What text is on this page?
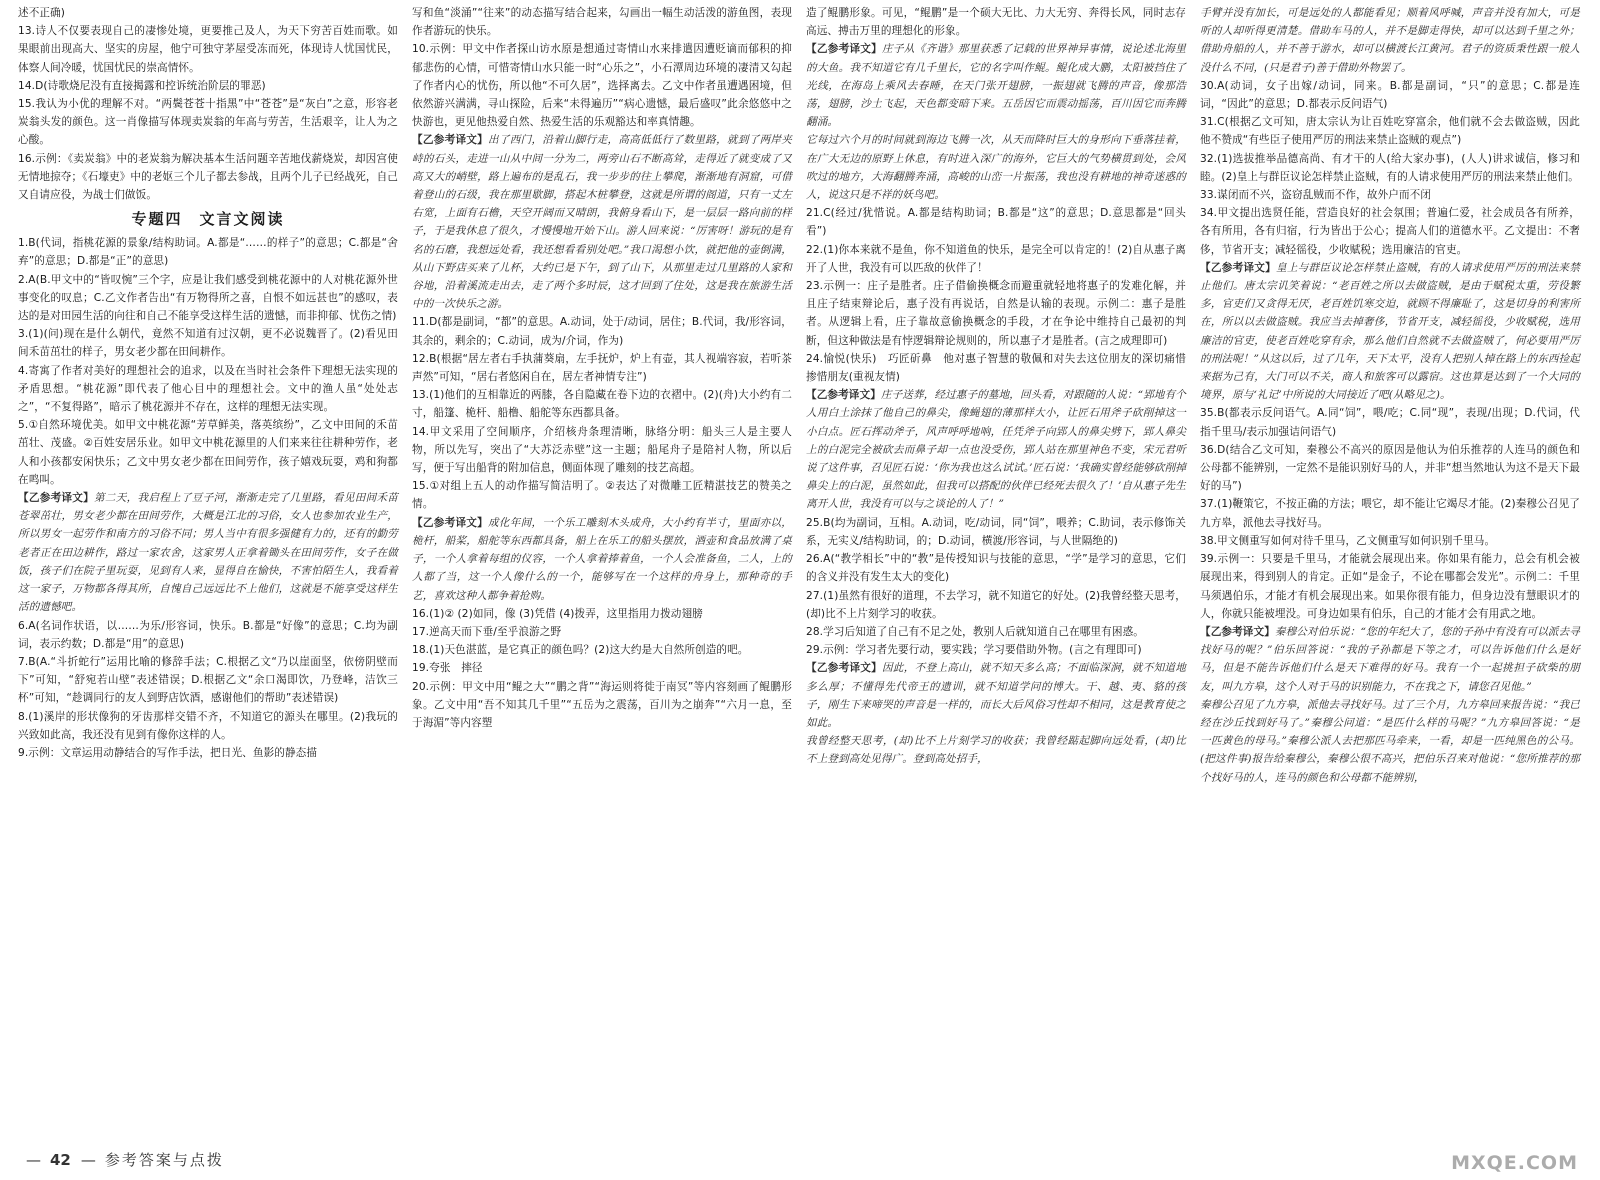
述不正确)

13.诗人不仅要表现自己的凄惨处境，更要推己及人，为天下穷苦百姓而歌。如果眼前出现高大、坚实的房屋，他宁可独守茅屋受冻而死，体现诗人忧国忧民，体察人间冷暖，忧国忧民的崇高情怀。

14.D(诗歌烧尼没有直接揭露和控诉统治阶层的罪恶)

15.我认为小优的理解不对。“两鬓苍苍十指黑”中“苍苍”是“灰白”之意，形容老炭翁头发的颜色。这一肖像描写体现卖炭翁的年高与劳苦，生活艰辛，让人为之心酸。

16.示例：《卖炭翁》中的老炭翁为解决基本生活问题辛苦地伐薪烧炭，却因宫使无情地掠夺；《石壕吏》中的老妪三个儿子都去参战，且两个儿子已经战死，自己又自请应役，为战士们做饭。

专题四　文言文阅读

1.B(代词，指桃花源的景象/结构助词。A.都是“……的样子”的意思；C.都是“舍弃”的意思；D.都是“正”的意思)

2.A(B.甲文中的“皆叹惋”三个字，应是让我们感受到桃花源中的人对桃花源外世事变化的叹息；C.乙文作者告出“有万物得所之喜，自恨不如远甚也”的感叹，表达的是对田园生活的向往和自己不能享受这样生活的遗憾，而非抑郁、忧伤之情)

3.(1)(问)现在是什么朝代，竟然不知道有过汉朝，更不必说魏晋了。(2)看见田间禾苗茁壮的样子，男女老少都在田间耕作。

4.寄寓了作者对美好的理想社会的追求，以及在当时社会条件下理想无法实现的矛盾思想。“桃花源”即代表了他心目中的理想社会。文中的渔人虽“处处志之”，“不复得路”，暗示了桃花源并不存在，这样的理想无法实现。

5.①自然环境优美。如甲文中桃花源“芳草鲜美，落英缤纷”，乙文中田间的禾苗茁壮、茂盛。②百姓安居乐业。如甲文中桃花源里的人们来来往往耕种劳作，老人和小孩都安闲快乐；乙文中男女老少都在田间劳作，孩子嬉戏玩耍，鸡和狗都在鸣叫。

【乙参考译文】第二天，我启程上了豆子河，渐渐走完了几里路，看见田间禾苗苍翠茁壮，男女老少都在田间劳作，大概是江北的习俗，女人也参加农业生产，所以男女一起劳作和南方的习俗不同；男人当中有很多强健有力的，还有的勤劳老者正在田边耕作，路过一家农舍，这家男人正拿着锄头在田间劳作，女子在做饭，孩子们在院子里玩耍，见到有人来，显得自在愉快，不害怕陌生人，我看着这一家子，万物都各得其所，自愧自己远远比不上他们，这就是不能享受这样生活的遗憾吧。

6.A(名词作状语，以……为乐/形容词，快乐。B.都是“好像”的意思；C.均为副词，表示约数；D.都是“用”的意思)

7.B(A.“斗折蛇行”运用比喻的修辞手法；C.根据乙文“乃以崖面坚，依傍阴壁而下”可知，“舒宛若山壁”表述错误；D.根据乙文“余口渴即饮，乃登峰，洁饮三杯”可知，“趁调同行的友人到野店饮酒，感谢他们的帮助”表述错误)

8.(1)溪岸的形状像狗的牙齿那样交错不齐，不知道它的源头在哪里。(2)我玩的兴致如此高，我还没有见到有像你这样的人。

9.示例：文章运用动静结合的写作手法，把日光、鱼影的静态描

写和鱼“淡涌”“往来”的动态描写结合起来，勾画出一幅生动活泼的游鱼图，表现作者游玩的快乐。

10.示例：甲文中作者探山访水原是想通过寄情山水来排遣因遭贬谪而郁积的抑郁悲伤的心情，可惜寄情山水只能一时“心乐之”，小石潭周边环境的凄清又勾起了作者内心的忧伤，所以他“不可久居”，选择离去。乙文中作者虽遭遇困境，但依然游兴满满，寻山探险，后来“未得遍历”“病心遗憾，最后盛叹”此余悠悠中之快游也，更见他热爱自然、热爱生活的乐观豁达和率真情趣。

【乙参考译文】出了西门，沿着山脚行走，高高低低行了数里路，就到了两岸夹峙的石头，走进一山从中间一分为二，两旁山石不断高耸，走得近了就变成了又高又大的峭壁，路上遍布的是乱石，我一步步的往上攀爬，渐渐地有洞窟，可借着登山的石级，我在那里歇脚，搭起木桩攀登，这就是所谓的阁道，只有一丈左右宽，上面有石檐，天空开阔而又晴朗，我俯身看山下，是一层层一路向前的样子，于是我休息了很久，才慢慢地开始下山。游人回来说：“厉害呀！游玩的是有名的石磨，我想远处看，我还想看看别处吧。”我口渴想小饮，就把他的壶倒满，从山下野店买来了儿杯，大约已是下午，到了山下，从那里走过几里路的人家和谷地，沿着溪流走出去，走了两个多时辰，这才回到了住处，这是我在旅游生活中的一次快乐之游。

11.D(都是副词，“都”的意思。A.动词，处于/动词，居住；B.代词，我/形容词，其余的，剩余的；C.动词，成为/介词，作为)

12.B(根据“居左者右手执蒲葵扇，左手抚炉，炉上有壶，其人视端容寂，若听茶声然”可知，“居右者悠闲自在，居左者神情专注”)

13.(1)他们的互相靠近的两膝，各自隐藏在卷下边的衣褶中。(2)(舟)大小约有二寸，船篷、桅杆、船橹、船舵等东西都具备。

14.甲文采用了空间顺序，介绍核舟条理清晰，脉络分明：船头三人是主要人物，所以先写，突出了“大苏泛赤壁”这一主题；船尾舟子是陪衬人物，所以后写，便于写出船背的附加信息，侧面体现了雕刻的技艺高超。

15.①对组上五人的动作描写简洁明了。②表达了对微雕工匠精湛技艺的赞美之情。

【乙参考译文】成化年间，一个乐工雕刻木头成舟，大小约有半寸，里面亦以，桅杆，船桨，船舵等东西都具备，船上在乐工的船头摆放，酒壶和食品放满了桌子，一个人拿着每组的仪容，一个人拿着捧着鱼，一个人会准备鱼，二人，上的人都了当，这一个人像什么的一个，能够写在一个这样的舟身上，那种奇的手艺，喜欢这种人都争着抢购。

16.(1)② (2)如同，像 (3)凭借 (4)拨弄，这里指用力拨动翅膀

17.逆高天而下垂/至乎浪游之野

18.(1)天色湛蓝，是它真正的颜色吗？(2)这大约是大自然所创造的吧。

19.夸张　摔径

20.示例：甲文中用“鲲之大”“鹏之背”“海运则将徙于南冥”等内容刻画了鲲鹏形象。乙文中用“吾不知其几千里”“五岳为之震荡，百川为之崩奔”“六月一息，至于海湄”等内容塑

造了鲲鹏形象。可见，“鲲鹏”是一个硕大无比、力大无穷、奔得长风，同时志存高远、搏击万里的理想化的形象。

【乙参考译文】庄子从《齐谐》那里获悉了记载的世界神异事情，说论述北海里的大鱼。我不知道它有几千里长，它的名字叫作鲲。鲲化成大鹏，太阳被挡住了光线，在海岛上乘风去春睡，在天门张开翅膀，一振翅就飞腾的声音，像那浩荡，翅膀，沙土飞起，天色都变暗下来。五岳因它而震动摇荡，百川因它而奔腾翻涌。

它每过六个月的时间就到海边飞腾一次，从天而降时巨大的身形向下垂落挂着，在广大无边的原野上休息，有时进入深广的海外，它巨大的气势横贯到处，会风吹过的地方，大海翻腾奔涌，高峻的山峦一片振荡，我也没有耕地的神奇迷惑的人，说这只是不祥的妖鸟吧。

21.C(经过/犹惜说。A.都是结构助词；B.都是“这”的意思；D.意思都是“回头看”)

22.(1)你本来就不是鱼，你不知道鱼的快乐，是完全可以肯定的！(2)自从惠子离开了人世，我没有可以匹敌的伙伴了！

23.示例一：庄子是胜者。庄子借偷换概念而避重就轻地将惠子的发难化解，并且庄子结束辩论后，惠子没有再说话，自然是认输的表现。示例二：惠子是胜者。从逻辑上看，庄子靠故意偷换概念的手段，才在争论中维持自己最初的判断，但这种做法是有悖逻辑辩论规则的，所以惠子才是胜者。(言之成理即可)

24.愉悦(快乐)　巧匠斫鼻　他对惠子智慧的敬佩和对失去这位朋友的深切痛惜　掺惜朋友(重视友情)

【乙参考译文】庄子送葬，经过惠子的墓地，回头看，对跟随的人说：“郢地有个人用白土涂抹了他自己的鼻尖，像蝇翅的薄那样大小，让匠石用斧子砍削掉这一小白点。匠石挥动斧子，风声呼呼地响，任凭斧子向郢人的鼻尖劈下，郢人鼻尖上的白泥完全被砍去而鼻子却一点也没受伤，郢人站在那里神色不变，宋元君听说了这件事，召见匠石说：‘你为我也这么试试。’匠石说：‘我确实曾经能够砍削掉鼻尖上的白泥，虽然如此，但我可以搭配的伙伴已经死去很久了！’自从惠子先生离开人世，我没有可以与之谈论的人了！”

25.B(均为副词，互相。A.动词，吃/动词，同“饲”，喂养；C.助词，表示修饰关系，无实义/结构助词，的；D.动词，横渡/形容词，与人世隔绝的)

26.A(“教学相长”中的“教”是传授知识与技能的意思，“学”是学习的意思，它们的含义并没有发生太大的变化)

27.(1)虽然有很好的道理，不去学习，就不知道它的好处。(2)我曾经整天思考，(却)比不上片刻学习的收获。

28.学习后知道了自己有不足之处，教别人后就知道自己在哪里有困惑。

29.示例：学习者先要行动，要实践；学习要借助外物。(言之有理即可)

【乙参考译文】因此，不登上高山，就不知天多么高；不面临深涧，就不知道地多么厚；不懂得先代帝王的遗训，就不知道学问的博大。干、越、夷、貉的孩子，刚生下来啼哭的声音是一样的，而长大后风俗习性却不相同，这是教育使之如此。

我曾经整天思考，(却)比不上片刻学习的收获；我曾经踮起脚向远处看，(却)比不上登到高处见得广。登到高处招手，

手臂并没有加长，可是远处的人都能看见；顺着风呼喊，声音并没有加大，可是听的人却听得更清楚。借助车马的人，并不是脚走得快，却可以达到千里之外；借助舟船的人，并不善于游水，却可以横渡长江黄河。君子的资质秉性跟一般人没什么不同，(只是君子)善于借助外物罢了。

30.A(动词，女子出嫁/动词，同来。B.都是副词，“只”的意思；C.都是连词，“因此”的意思；D.都表示反问语气)

31.C(根据乙文可知，唐太宗认为让百姓吃穿富余，他们就不会去做盗贼，因此他不赞成“有些臣子使用严厉的刑法来禁止盗贼的观点”)

32.(1)选拔推举品德高尚、有才干的人(给大家办事)，(人人)讲求诚信，修习和睦。(2)皇上与群臣议论怎样禁止盗贼，有的人请求使用严厉的刑法来禁止他们。

33.谋闭而不兴，盗窃乱贼而不作，故外户而不闭

34.甲文提出选贤任能，营造良好的社会氛围；普遍仁爱，社会成员各有所养，各有所用，各有归宿，行为皆出于公心；提高人们的道德水平。乙文提出：不奢侈，节省开支；减轻徭役，少收赋税；选用廉洁的官吏。

【乙参考译文】皇上与群臣议论怎样禁止盗贼，有的人请求使用严厉的刑法来禁止他们。唐太宗讥笑着说：“老百姓之所以去做盗贼，是由于赋税太重，劳役繁多，官吏们又贪得无厌，老百姓饥寒交迫，就顾不得廉耻了，这是切身的利害所在，所以以去做盗贼。我应当去掉奢侈，节省开支，减轻徭役，少收赋税，选用廉洁的官吏，使老百姓吃穿有余，那么他们自然就不去做盗贼了，何必要用严厉的刑法呢！”从这以后，过了几年，天下太平，没有人把别人掉在路上的东西捡起来据为己有，大门可以不关，商人和旅客可以露宿。这也算是达到了一个大同的境界，原与‘礼记’中所说的大同接近了吧(从略见之)。

35.B(都表示反问语气。A.同“饲”，喂/吃；C.同“现”，表现/出现；D.代词，代指千里马/表示加强诘问语气)

36.D(结合乙文可知，秦穆公不高兴的原因是他认为伯乐推荐的人连马的颜色和公母都不能辨别，一定然不是能识别好马的人，并非“想当然地认为这不是天下最好的马”)

37.(1)鞭策它，不按正确的方法；喂它，却不能让它竭尽才能。(2)秦穆公召见了九方皋，派他去寻找好马。

38.甲文侧重写如何对待千里马，乙文侧重写如何识别千里马。

39.示例一：只要是千里马，才能就会展现出来。你如果有能力，总会有机会被展现出来，得到别人的肯定。正如“是金子，不论在哪都会发光”。示例二：千里马须遇伯乐，才能才有机会展现出来。如果你很有能力，但身边没有慧眼识才的人，你就只能被埋没。可身边如果有伯乐，自己的才能才会有用武之地。

【乙参考译文】秦穆公对伯乐说：“您的年纪大了，您的子孙中有没有可以派去寻找好马的呢？”伯乐回答说：“我的子孙都是下等之才，可以告诉他们什么是好马，但是不能告诉他们什么是天下难得的好马。我有一个一起挑担子砍柴的朋友，叫九方皋，这个人对于马的识别能力，不在我之下，请您召见他。”

秦穆公召见了九方皋，派他去寻找好马。过了三个月，九方皋回来报告说：“我已经在沙丘找到好马了。”秦穆公问道：“是匹什么样的马呢？”九方皋回答说：“是一匹黄色的母马。”秦穆公派人去把那匹马牵来，一看，却是一匹纯黑色的公马。(把这件事)报告给秦穆公，秦穆公很不高兴，把伯乐召来对他说：“您所推荐的那个找好马的人，连马的颜色和公母都不能辨别，

— 42 — 参考答案与点拨	MXQE.COM
